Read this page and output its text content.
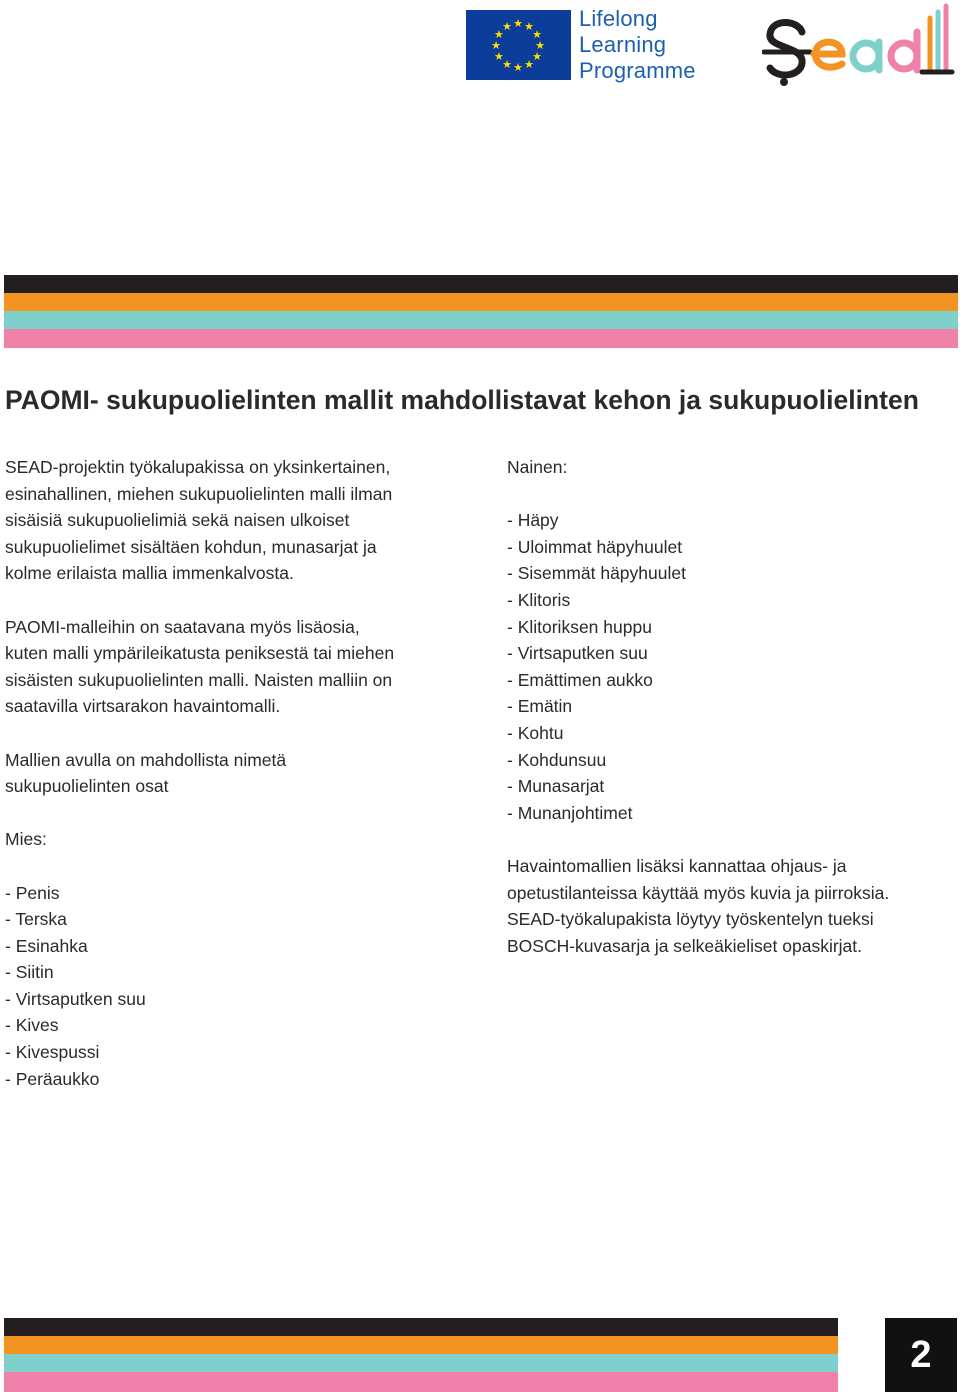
★ ★
★
★
★
★
★
★
★
★
★
★	Lifelong
Learning
Programme
PAOMI- sukupuolielinten mallit mahdollistavat kehon ja sukupuolielinten

SEAD-projektin työkalupakissa on yksinkertainen,
esinahallinen, miehen sukupuolielinten malli ilman
sisäisiä sukupuolielimiä sekä naisen ulkoiset
sukupuolielimet sisältäen kohdun, munasarjat ja
kolme erilaista mallia immenkalvosta.

PAOMI-malleihin on saatavana myös lisäosia,
kuten malli ympärileikatusta peniksestä tai miehen
sisäisten sukupuolielinten malli. Naisten malliin on
saatavilla virtsarakon havaintomalli.

Mallien avulla on mahdollista nimetä
sukupuolielinten osat

Mies:

- Penis
- Terska
- Esinahka
- Siitin
- Virtsaputken suu
- Kives
- Kivespussi
- Peräaukko

Nainen:

- Häpy
- Uloimmat häpyhuulet
- Sisemmät häpyhuulet
- Klitoris
- Klitoriksen huppu
- Virtsaputken suu
- Emättimen aukko
- Emätin
- Kohtu
- Kohdunsuu
- Munasarjat
- Munanjohtimet

Havaintomallien lisäksi kannattaa ohjaus- ja
opetustilanteissa käyttää myös kuvia ja piirroksia.
SEAD-työkalupakista löytyy työskentelyn tueksi
BOSCH-kuvasarja ja selkeäkieliset opaskirjat.

2
